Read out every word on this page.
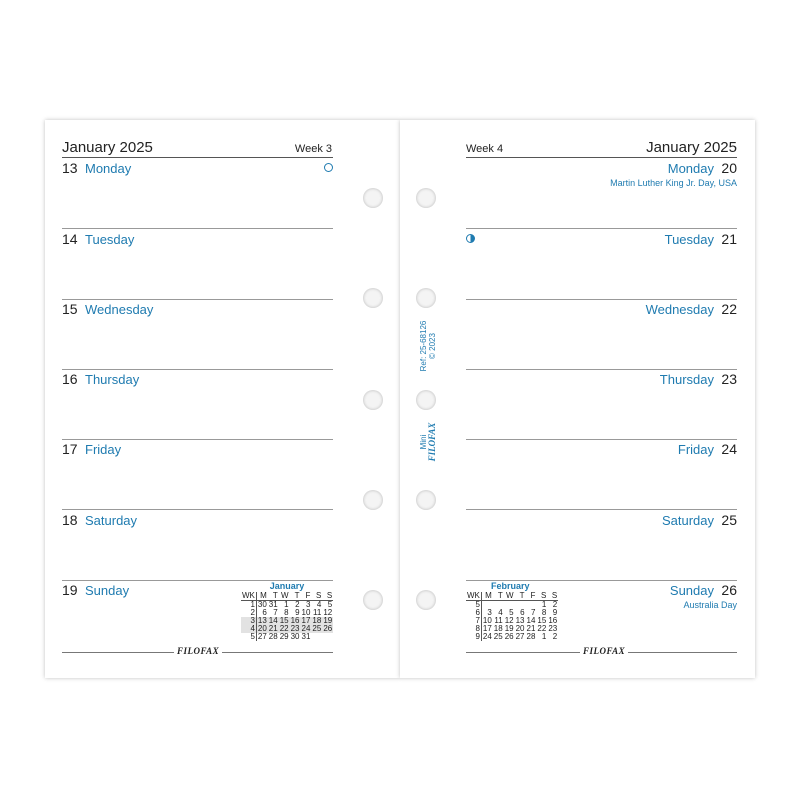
January 2025	Week 3
13 Monday
14 Tuesday
15 Wednesday
16 Thursday
17 Friday
18 Saturday
19 Sunday
Week 4	January 2025
20
Monday
Martin Luther King Jr. Day, USA
21
Tuesday
22
Wednesday
23
Thursday
24
Friday
25
Saturday
26
Sunday
Australia Day
January
WK	M	T	W	T	F	S	S
1	30	31	1	2	3	4	5
2	6	7	8	9	10	11	12
3	13	14	15	16	17	18	19
4	20	21	22	23	24	25	26
5	27	28	29	30	31		
February
WK	M	T	W	T	F	S	S
5						1	2
6	3	4	5	6	7	8	9
7	10	11	12	13	14	15	16
8	17	18	19	20	21	22	23
9	24	25	26	27	28	1	2
FILOFAX	FILOFAX
Ref: 25-68126 © 2023
Mini FILOFAX
